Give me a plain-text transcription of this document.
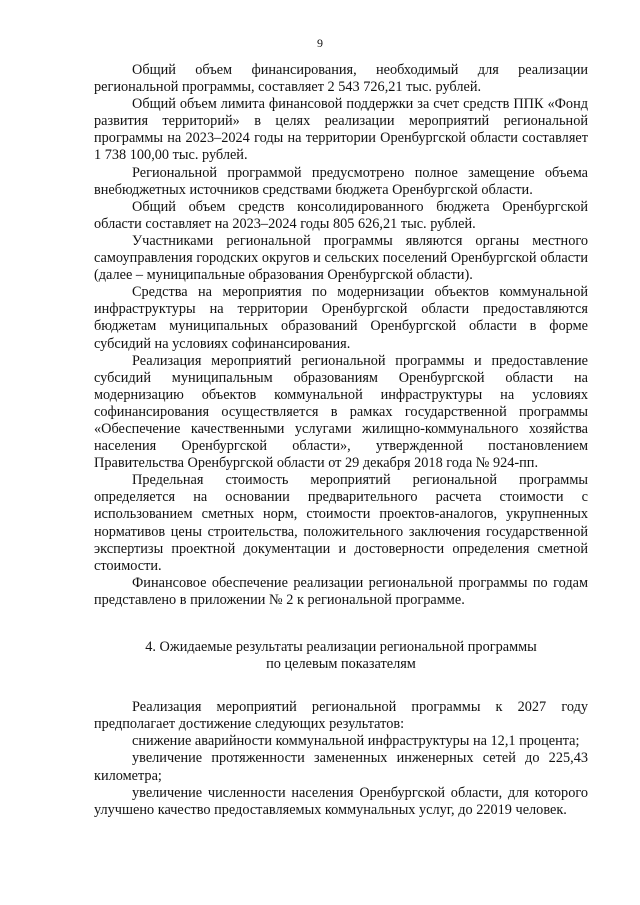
9

Общий объем финансирования, необходимый для реализации региональной программы, составляет 2 543 726,21 тыс. рублей.

Общий объем лимита финансовой поддержки за счет средств ППК «Фонд развития территорий» в целях реализации мероприятий региональной программы на 2023–2024 годы на территории Оренбургской области составляет 1 738 100,00 тыс. рублей.

Региональной программой предусмотрено полное замещение объема внебюджетных источников средствами бюджета Оренбургской области.

Общий объем средств консолидированного бюджета Оренбургской области составляет на 2023–2024 годы 805 626,21 тыс. рублей.

Участниками региональной программы являются органы местного самоуправления городских округов и сельских поселений Оренбургской области (далее – муниципальные образования Оренбургской области).

Средства на мероприятия по модернизации объектов коммунальной инфраструктуры на территории Оренбургской области предоставляются бюджетам муниципальных образований Оренбургской области в форме субсидий на условиях софинансирования.

Реализация мероприятий региональной программы и предоставление субсидий муниципальным образованиям Оренбургской области на модернизацию объектов коммунальной инфраструктуры на условиях софинансирования осуществляется в рамках государственной программы «Обеспечение качественными услугами жилищно-коммунального хозяйства населения Оренбургской области», утвержденной постановлением Правительства Оренбургской области от 29 декабря 2018 года № 924-пп.

Предельная стоимость мероприятий региональной программы определяется на основании предварительного расчета стоимости с использованием сметных норм, стоимости проектов-аналогов, укрупненных нормативов цены строительства, положительного заключения государственной экспертизы проектной документации и достоверности определения сметной стоимости.

Финансовое обеспечение реализации региональной программы по годам представлено в приложении № 2 к региональной программе.

4. Ожидаемые результаты реализации региональной программы
по целевым показателям

Реализация мероприятий региональной программы к 2027 году предполагает достижение следующих результатов:

снижение аварийности коммунальной инфраструктуры на 12,1 процента;

увеличение протяженности замененных инженерных сетей до 225,43 километра;

увеличение численности населения Оренбургской области, для которого улучшено качество предоставляемых коммунальных услуг, до 22019 человек.
